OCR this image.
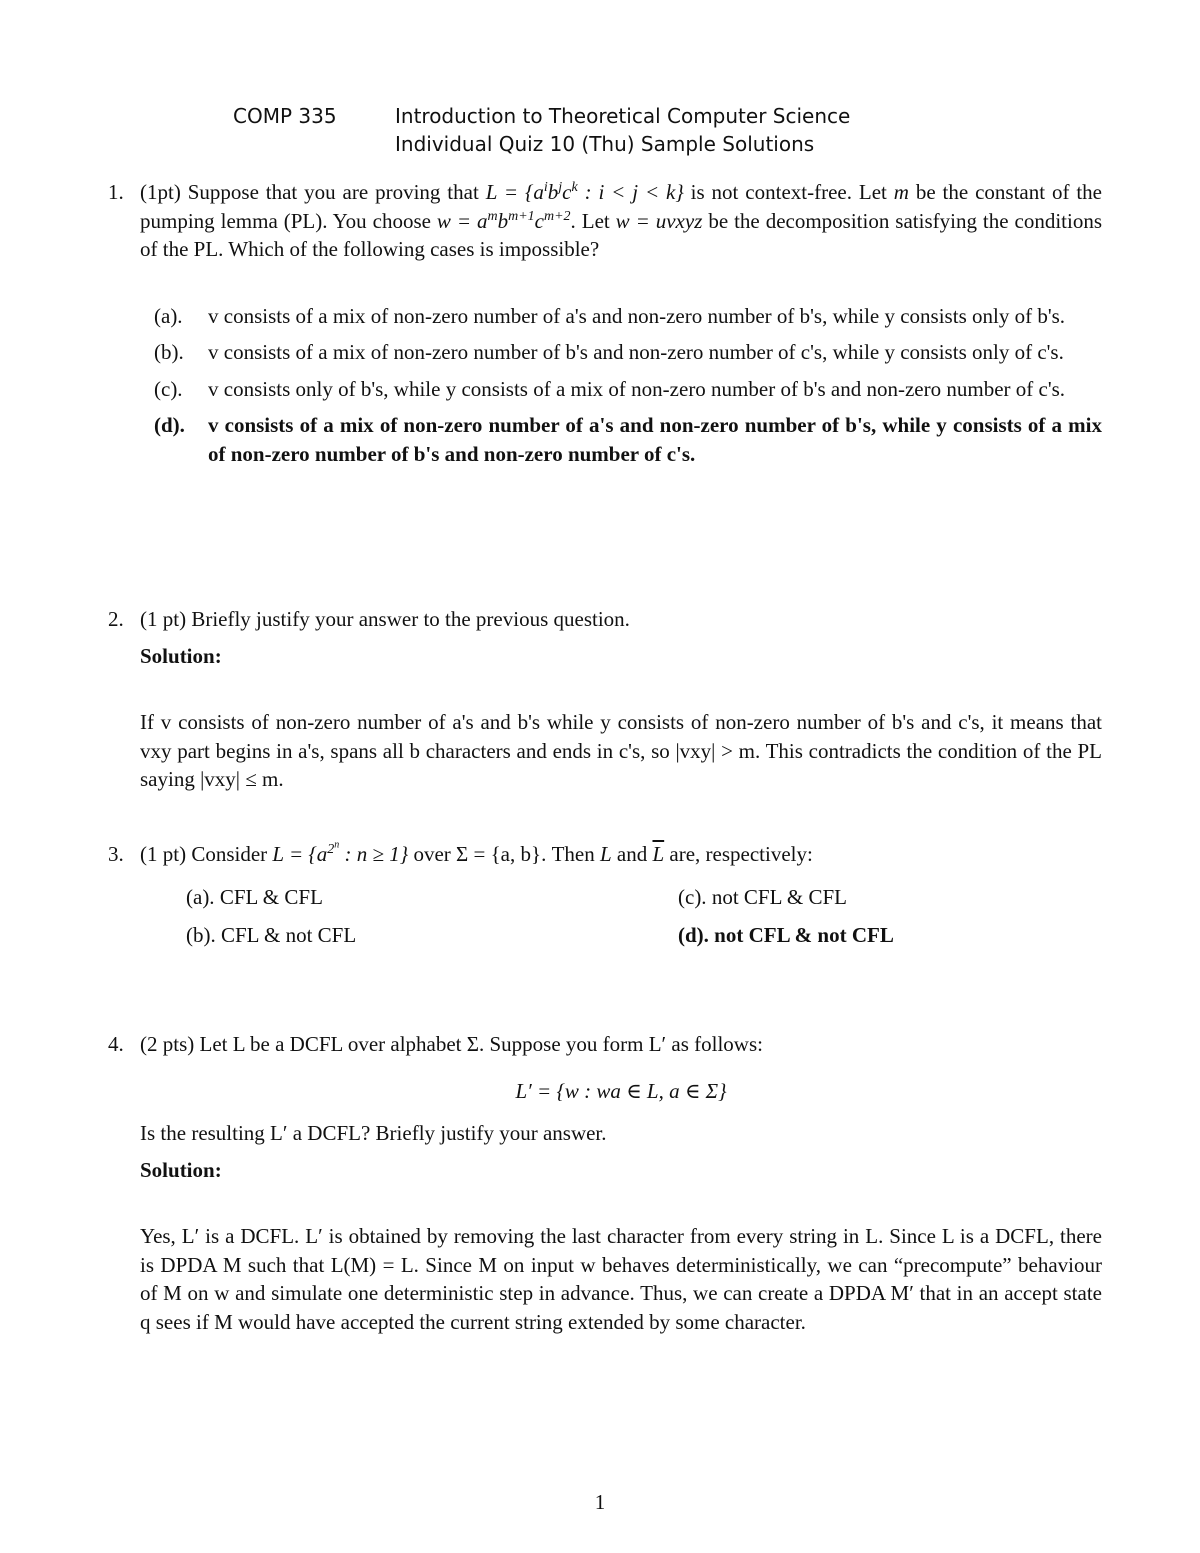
COMP 335	Introduction to Theoretical Computer Science
Individual Quiz 10 (Thu) Sample Solutions
1. (1pt) Suppose that you are proving that $L = \{a^ib^jc^k$ : i < j < k} is not context-free. Let m be the constant of the pumping lemma (PL). You choose $w = a^mb^{m+1}c^{m+2}$. Let w = uvxyz be the decomposition satisfying the conditions of the PL. Which of the following cases is impossible?
(a). v consists of a mix of non-zero number of a's and non-zero number of b's, while y consists only of b's.
(b). v consists of a mix of non-zero number of b's and non-zero number of c's, while y consists only of c's.
(c). v consists only of b's, while y consists of a mix of non-zero number of b's and non-zero number of c's.
(d). v consists of a mix of non-zero number of a's and non-zero number of b's, while y consists of a mix of non-zero number of b's and non-zero number of c's.
2. (1 pt) Briefly justify your answer to the previous question.
Solution:
If v consists of non-zero number of a's and b's while y consists of non-zero number of b's and c's, it means that vxy part begins in a's, spans all b characters and ends in c's, so |vxy| > m. This contradicts the condition of the PL saying |vxy| ≤ m.
3. (1 pt) Consider $L = \{a^{2^n}$ : n ≥ 1} over Σ = {a, b}. Then L and $\overline{L}$ are, respectively:
(a). CFL & CFL
(b). CFL & not CFL
(c). not CFL & CFL
(d). not CFL & not CFL
4. (2 pts) Let L be a DCFL over alphabet Σ. Suppose you form L′ as follows:
L′ = {w : wa ∈ L, a ∈ Σ}
Is the resulting L′ a DCFL? Briefly justify your answer.
Solution:
Yes, L′ is a DCFL. L′ is obtained by removing the last character from every string in L. Since L is a DCFL, there is DPDA M such that L(M) = L. Since M on input w behaves deterministically, we can “precompute” behaviour of M on w and simulate one deterministic step in advance. Thus, we can create a DPDA M′ that in an accept state q sees if M would have accepted the current string extended by some character.
1
